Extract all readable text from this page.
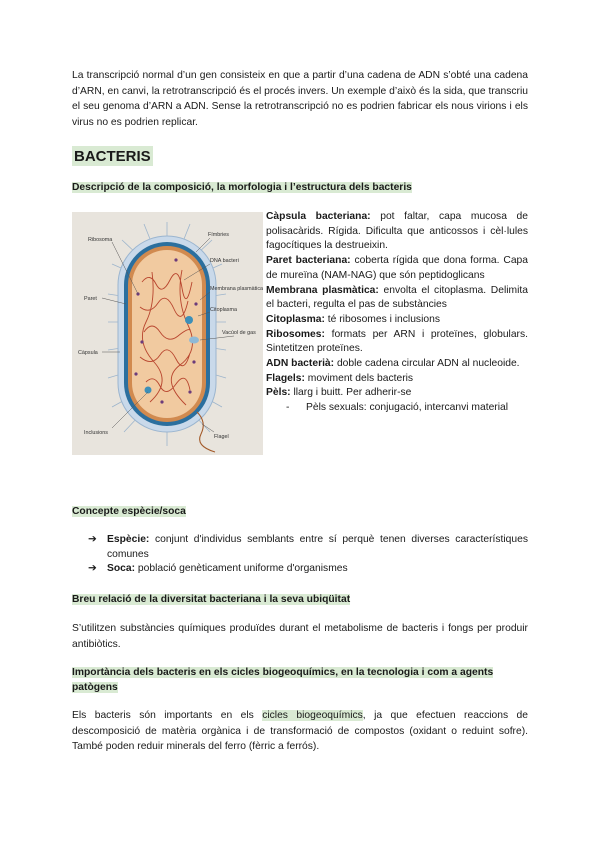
La transcripció normal d’un gen consisteix en que a partir d’una cadena de ADN s’obté una cadena d’ARN, en canvi, la retrotranscripció és el procés invers. Un exemple d’això és la sida, que transcriu el seu genoma d’ARN a ADN. Sense la retrotranscripció no es podrien fabricar els nous virions i els virus no es podrien replicar.

BACTERIS
Descripció de la composició, la morfologia i l’estructura dels bacteris
Ribosoma
Fímbries
DNA bacteri
Membrana plasmàtica
Citoplasma
Paret
Càpsula
Vacúol de gas
Inclusions
Flagel

Càpsula bacteriana: pot faltar, capa mucosa de polisacàrids. Rígida. Dificulta que anticossos i cèl·lules fagocítiques la destrueixin.

Paret bacteriana: coberta rígida que dona forma. Capa de mureïna (NAM-NAG) que són peptidoglicans

Membrana plasmàtica: envolta el citoplasma. Delimita el bacteri, regulta el pas de substàncies

Citoplasma: té ribosomes i inclusions

Ribosomes: formats per ARN i proteïnes, globulars. Sintetitzen proteïnes.

ADN bacterià: doble cadena circular ADN al nucleoide.

Flagels: moviment dels bacteris

Pèls: llarg i buitt. Per adherir-se

- Pèls sexuals: conjugació, intercanvi material

Concepte espècie/soca
➔	Espècie: conjunt d'individus semblants entre sí perquè tenen diverses característiques comunes
➔	Soca: població genèticament uniforme d'organismes
Breu relació de la diversitat bacteriana i la seva ubiqüitat

S’utilitzen substàncies químiques produïdes durant el metabolisme de bacteris i fongs per produir antibiòtics.

Importància dels bacteris en els cicles biogeoquímics, en la tecnologia i com a agents
patògens

Els bacteris són importants en els cicles biogeoquímics, ja que efectuen reaccions de descomposició de matèria orgànica i de transformació de compostos (oxidant o reduint sofre). També poden reduir minerals del ferro (fèrric a ferrós).
